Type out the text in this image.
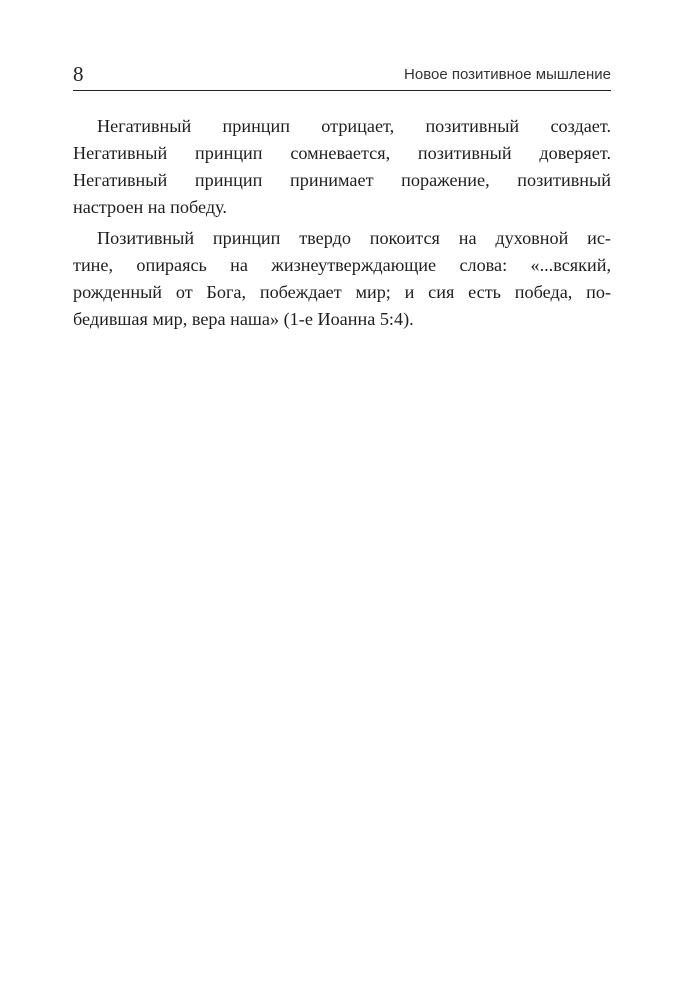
8	Новое позитивное мышление

Негативный принцип отрицает, позитивный создает.
Негативный принцип сомневается, позитивный доверяет.
Негативный принцип принимает поражение, позитивный
настроен на победу.

Позитивный принцип твердо покоится на духовной ис-
тине, опираясь на жизнеутверждающие слова: «...всякий,
рожденный от Бога, побеждает мир; и сия есть победа, по-
бедившая мир, вера наша» (1-е Иоанна 5:4).
